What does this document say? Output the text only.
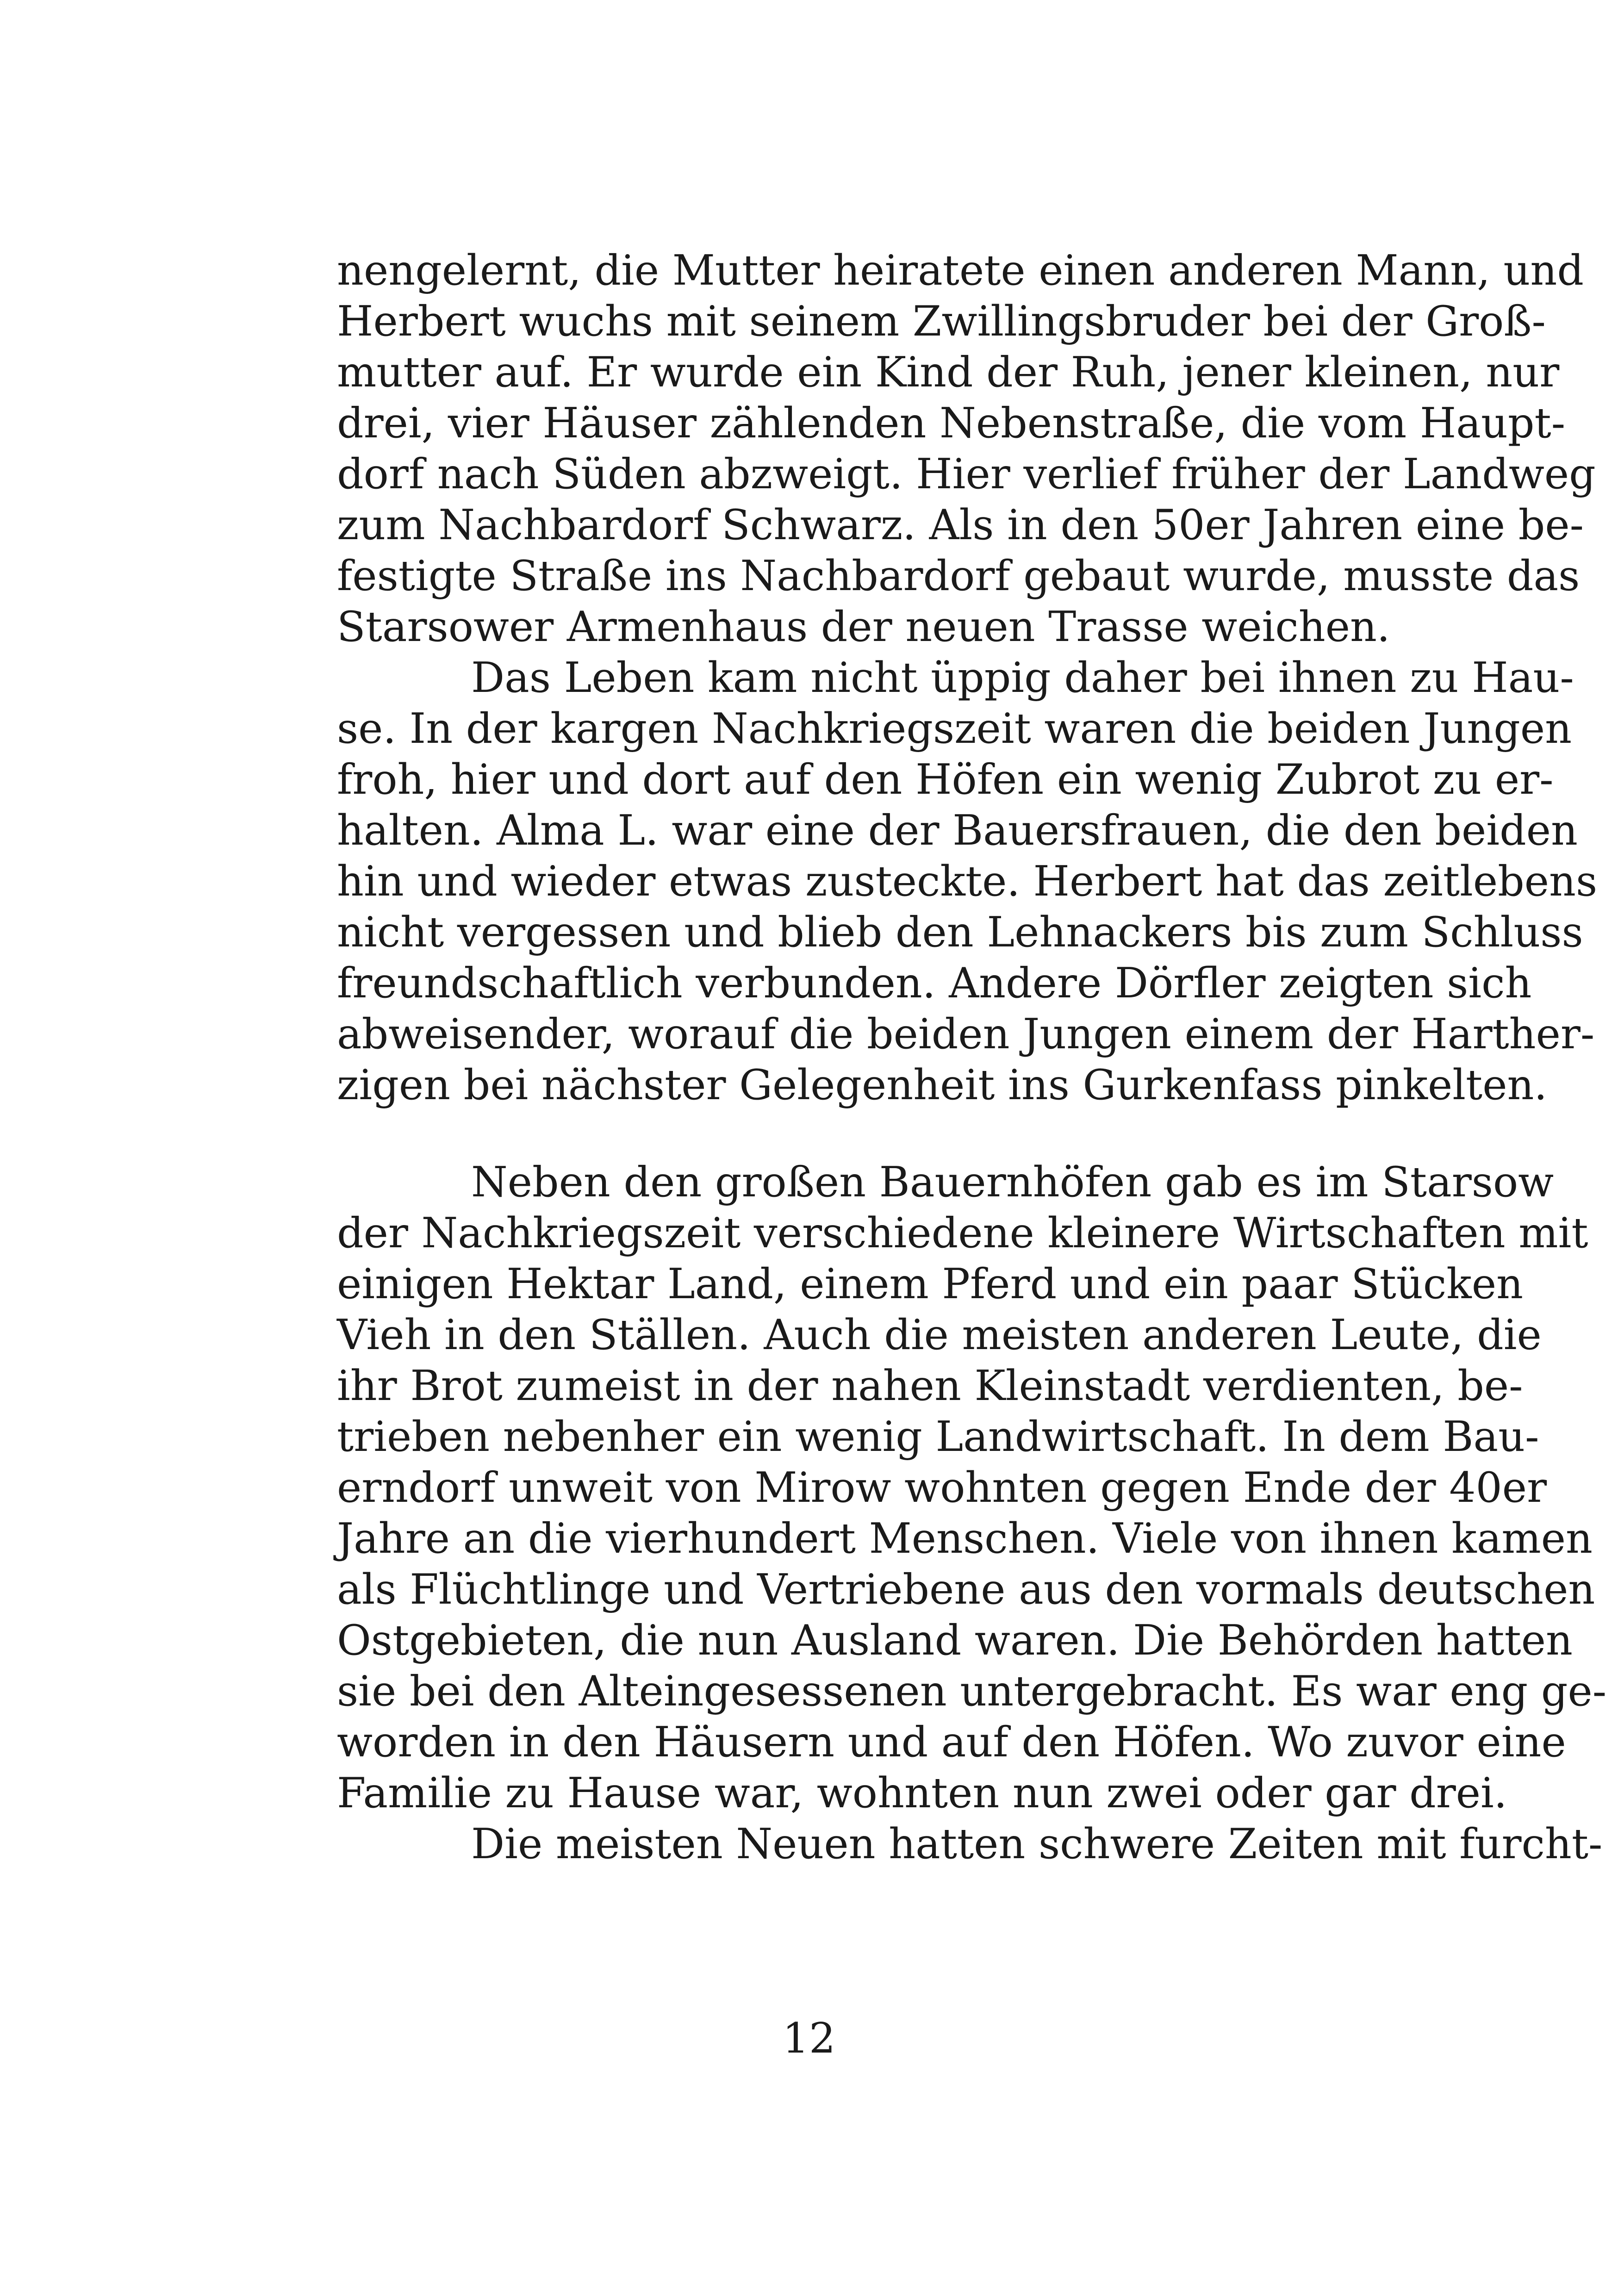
nengelernt, die Mutter heiratete einen anderen Mann, und
Herbert wuchs mit seinem Zwillingsbruder bei der Groß-
mutter auf. Er wurde ein Kind der Ruh, jener kleinen, nur
drei, vier Häuser zählenden Nebenstraße, die vom Haupt-
dorf nach Süden abzweigt. Hier verlief früher der Landweg
zum Nachbardorf Schwarz. Als in den 50er Jahren eine be-
festigte Straße ins Nachbardorf gebaut wurde, musste das
Starsower Armenhaus der neuen Trasse weichen.
Das Leben kam nicht üppig daher bei ihnen zu Hau-
se. In der kargen Nachkriegszeit waren die beiden Jungen
froh, hier und dort auf den Höfen ein wenig Zubrot zu er-
halten. Alma L. war eine der Bauersfrauen, die den beiden
hin und wieder etwas zusteckte. Herbert hat das zeitlebens
nicht vergessen und blieb den Lehnackers bis zum Schluss
freundschaftlich verbunden. Andere Dörfler zeigten sich
abweisender, worauf die beiden Jungen einem der Harther-
zigen bei nächster Gelegenheit ins Gurkenfass pinkelten.
Neben den großen Bauernhöfen gab es im Starsow
der Nachkriegszeit verschiedene kleinere Wirtschaften mit
einigen Hektar Land, einem Pferd und ein paar Stücken
Vieh in den Ställen. Auch die meisten anderen Leute, die
ihr Brot zumeist in der nahen Kleinstadt verdienten, be-
trieben nebenher ein wenig Landwirtschaft. In dem Bau-
erndorf unweit von Mirow wohnten gegen Ende der 40er
Jahre an die vierhundert Menschen. Viele von ihnen kamen
als Flüchtlinge und Vertriebene aus den vormals deutschen
Ostgebieten, die nun Ausland waren. Die Behörden hatten
sie bei den Alteingesessenen untergebracht. Es war eng ge-
worden in den Häusern und auf den Höfen. Wo zuvor eine
Familie zu Hause war, wohnten nun zwei oder gar drei.
Die meisten Neuen hatten schwere Zeiten mit furcht-
12
